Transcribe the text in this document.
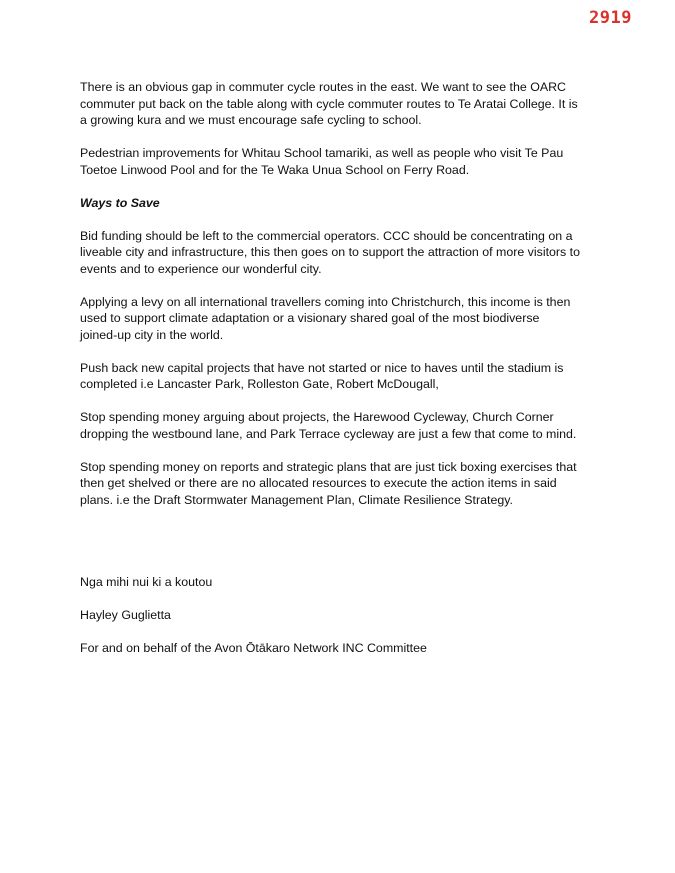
2919

There is an obvious gap in commuter cycle routes in the east. We want to see the OARC commuter put back on the table along with cycle commuter routes to Te Aratai College. It is a growing kura and we must encourage safe cycling to school.

Pedestrian improvements for Whitau School tamariki, as well as people who visit Te Pau Toetoe Linwood Pool and for the Te Waka Unua School on Ferry Road.

Ways to Save

Bid funding should be left to the commercial operators. CCC should be concentrating on a liveable city and infrastructure, this then goes on to support the attraction of more visitors to events and to experience our wonderful city.

Applying a levy on all international travellers coming into Christchurch, this income is then used to support climate adaptation or a visionary shared goal of the most biodiverse joined-up city in the world.

Push back new capital projects that have not started or nice to haves until the stadium is completed i.e Lancaster Park, Rolleston Gate, Robert McDougall,

Stop spending money arguing about projects, the Harewood Cycleway, Church Corner dropping the westbound lane, and Park Terrace cycleway are just a few that come to mind.

Stop spending money on reports and strategic plans that are just tick boxing exercises that then get shelved or there are no allocated resources to execute the action items in said plans. i.e the Draft Stormwater Management Plan, Climate Resilience Strategy.

Nga mihi nui ki a koutou

Hayley Guglietta

For and on behalf of the Avon Ōtākaro Network INC Committee
